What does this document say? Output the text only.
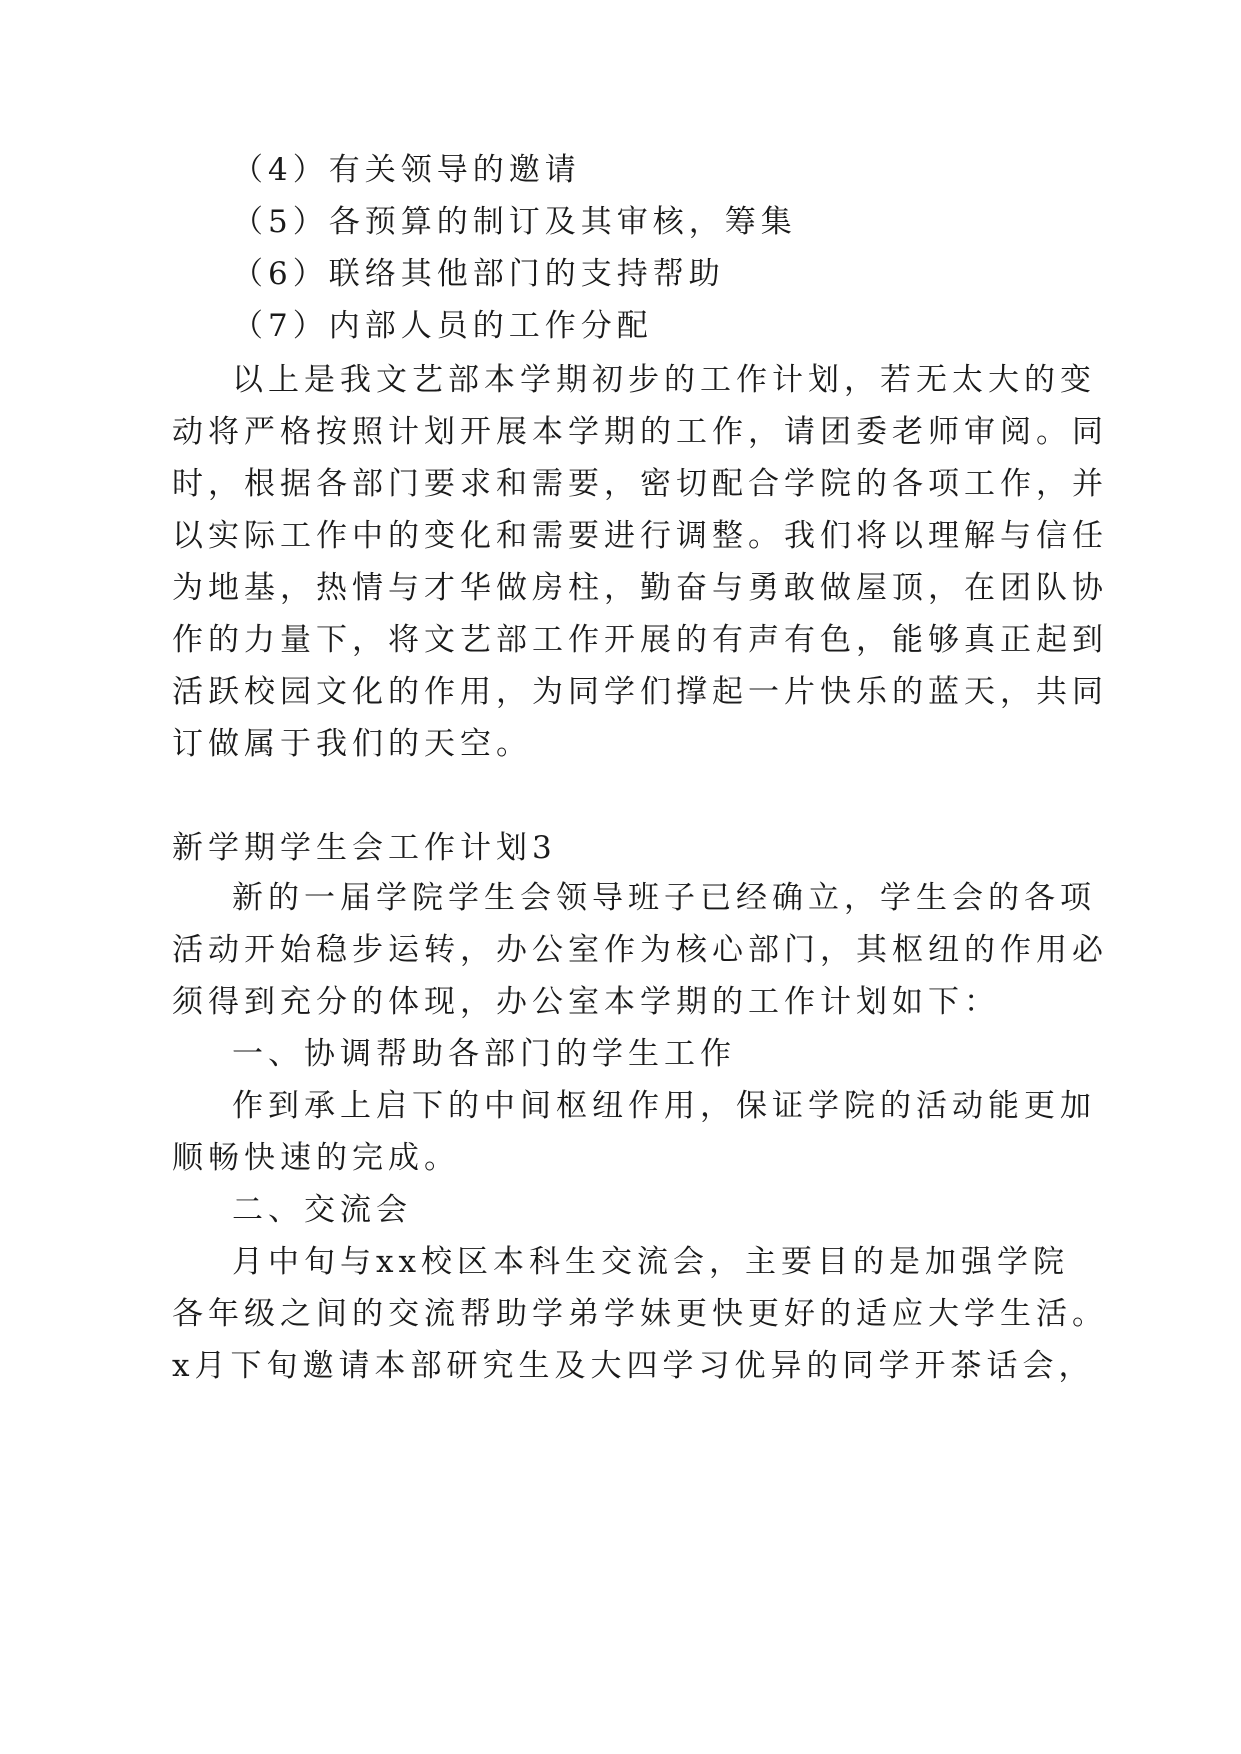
（4）有关领导的邀请

（5）各预算的制订及其审核，筹集

（6）联络其他部门的支持帮助

（7）内部人员的工作分配

以上是我文艺部本学期初步的工作计划，若无太大的变

动将严格按照计划开展本学期的工作，请团委老师审阅。同

时，根据各部门要求和需要，密切配合学院的各项工作，并

以实际工作中的变化和需要进行调整。我们将以理解与信任

为地基，热情与才华做房柱，勤奋与勇敢做屋顶，在团队协

作的力量下，将文艺部工作开展的有声有色，能够真正起到

活跃校园文化的作用，为同学们撑起一片快乐的蓝天，共同

订做属于我们的天空。

新学期学生会工作计划3

新的一届学院学生会领导班子已经确立，学生会的各项

活动开始稳步运转，办公室作为核心部门，其枢纽的作用必

须得到充分的体现，办公室本学期的工作计划如下：

一、协调帮助各部门的学生工作

作到承上启下的中间枢纽作用，保证学院的活动能更加

顺畅快速的完成。

二、交流会

月中旬与xx校区本科生交流会，主要目的是加强学院

各年级之间的交流帮助学弟学妹更快更好的适应大学生活。

x月下旬邀请本部研究生及大四学习优异的同学开茶话会，
